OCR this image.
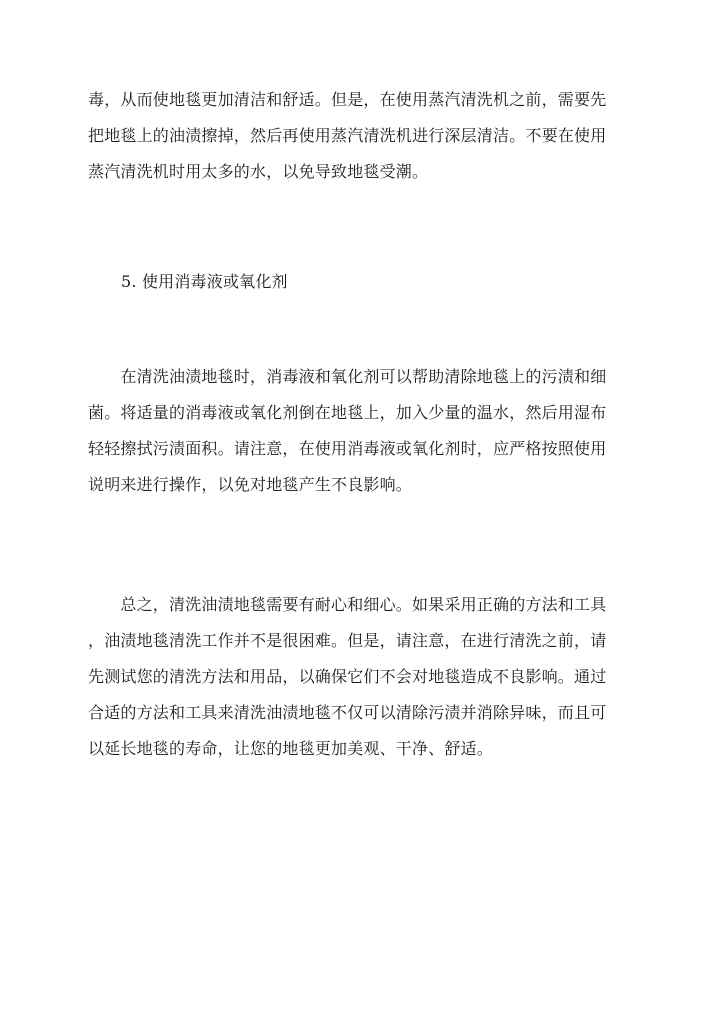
毒，从而使地毯更加清洁和舒适。但是，在使用蒸汽清洗机之前，需要先
把地毯上的油渍擦掉，然后再使用蒸汽清洗机进行深层清洁。不要在使用
蒸汽清洗机时用太多的水，以免导致地毯受潮。
5. 使用消毒液或氧化剂
　　在清洗油渍地毯时，消毒液和氧化剂可以帮助清除地毯上的污渍和细
菌。将适量的消毒液或氧化剂倒在地毯上，加入少量的温水，然后用湿布
轻轻擦拭污渍面积。请注意，在使用消毒液或氧化剂时，应严格按照使用
说明来进行操作，以免对地毯产生不良影响。
　　总之，清洗油渍地毯需要有耐心和细心。如果采用正确的方法和工具
，油渍地毯清洗工作并不是很困难。但是，请注意，在进行清洗之前，请
先测试您的清洗方法和用品，以确保它们不会对地毯造成不良影响。通过
合适的方法和工具来清洗油渍地毯不仅可以清除污渍并消除异味，而且可
以延长地毯的寿命，让您的地毯更加美观、干净、舒适。
